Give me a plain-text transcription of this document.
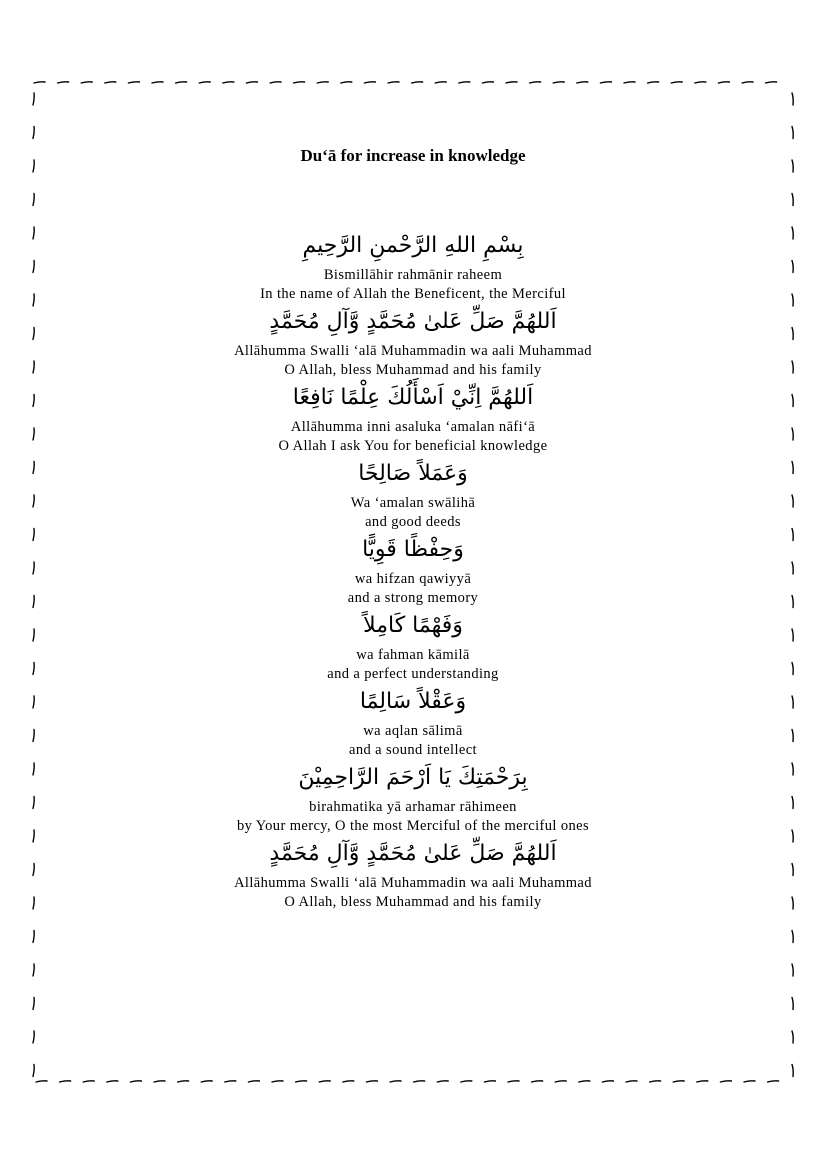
Du‘ā for increase in knowledge
بِسْمِ اللهِ الرَّحْمنِ الرَّحِيمِ
Bismillāhir rahmānir raheem
In the name of Allah the Beneficent, the Merciful
اَللهُمَّ صَلِّ عَلىٰ مُحَمَّدٍ وَّآلِ مُحَمَّدٍ
Allāhumma Swalli ‘alā Muhammadin wa aali Muhammad
O Allah, bless Muhammad and his family
اَللهُمَّ اِنِّيْ اَسْأَلُكَ عِلْمًا نَافِعًا
Allāhumma inni asaluka ‘amalan nāfi‘ā
O Allah I ask You for beneficial knowledge
وَعَمَلاً صَالِحًا
Wa ‘amalan swālihā
and good deeds
وَحِفْظًا قَوِيًّا
wa hifzan qawiyyā
and a strong memory
وَفَهْمًا كَامِلاً
wa fahman kāmilā
and a perfect understanding
وَعَقْلاً سَالِمًا
wa aqlan sālimā
and a sound intellect
بِرَحْمَتِكَ يَا اَرْحَمَ الرَّاحِمِيْنَ
birahmatika yā arhamar rāhimeen
by Your mercy, O the most Merciful of the merciful ones
اَللهُمَّ صَلِّ عَلىٰ مُحَمَّدٍ وَّآلِ مُحَمَّدٍ
Allāhumma Swalli ‘alā Muhammadin wa aali Muhammad
O Allah, bless Muhammad and his family
